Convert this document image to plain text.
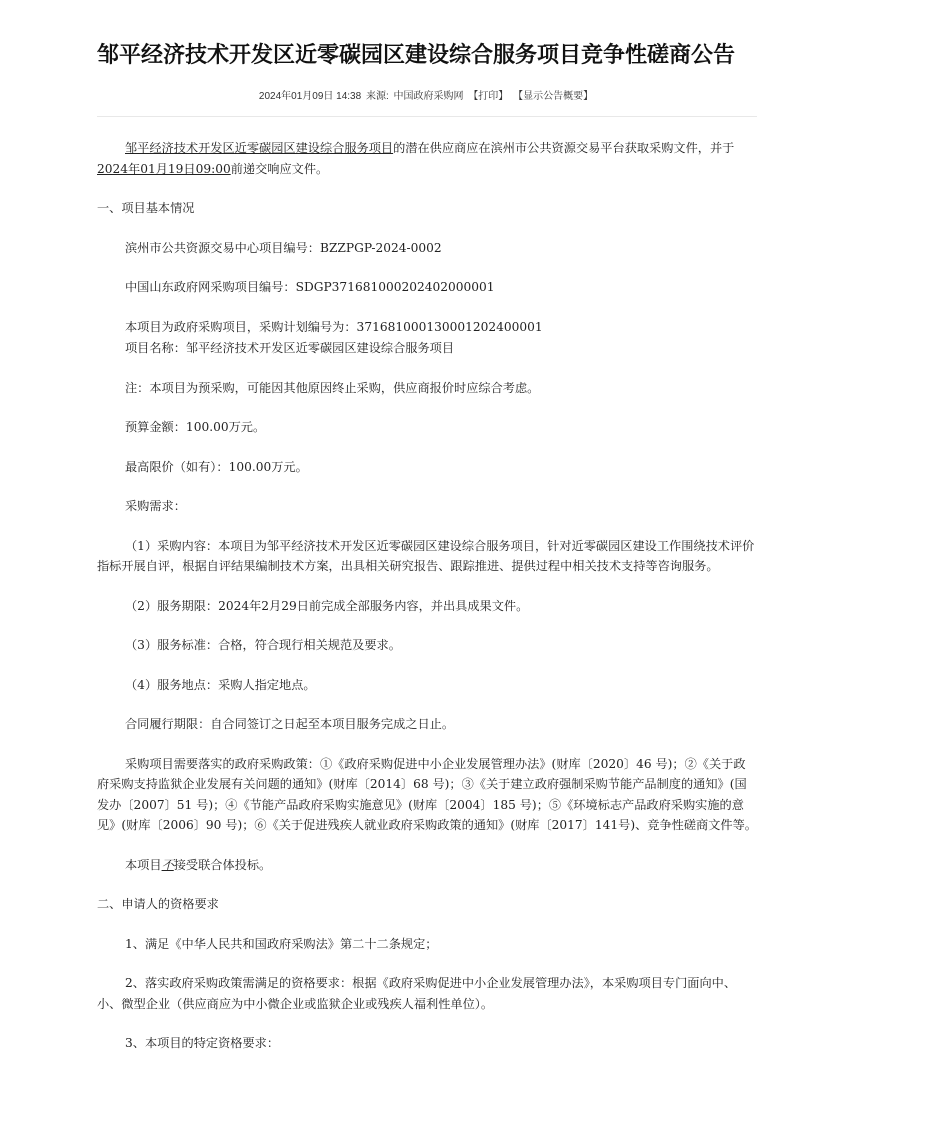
邹平经济技术开发区近零碳园区建设综合服务项目竞争性磋商公告
2024年01月09日 14:38 来源: 中国政府采购网 【打印】 【显示公告概要】

邹平经济技术开发区近零碳园区建设综合服务项目的潜在供应商应在滨州市公共资源交易平台获取采购文件，并于2024年01月19日09:00前递交响应文件。

一、项目基本情况

滨州市公共资源交易中心项目编号：BZZPGP-2024-0002

中国山东政府网采购项目编号：SDGP371681000202402000001

本项目为政府采购项目，采购计划编号为：371681000130001202400001

项目名称：邹平经济技术开发区近零碳园区建设综合服务项目

注：本项目为预采购，可能因其他原因终止采购，供应商报价时应综合考虑。

预算金额：100.00万元。

最高限价（如有）：100.00万元。

采购需求：

（1）采购内容：本项目为邹平经济技术开发区近零碳园区建设综合服务项目，针对近零碳园区建设工作围绕技术评价指标开展自评，根据自评结果编制技术方案，出具相关研究报告、跟踪推进、提供过程中相关技术支持等咨询服务。

（2）服务期限：2024年2月29日前完成全部服务内容，并出具成果文件。

（3）服务标准：合格，符合现行相关规范及要求。

（4）服务地点：采购人指定地点。

合同履行期限：自合同签订之日起至本项目服务完成之日止。

采购项目需要落实的政府采购政策：①《政府采购促进中小企业发展管理办法》(财库〔2020〕46 号)；②《关于政府采购支持监狱企业发展有关问题的通知》(财库〔2014〕68 号)；③《关于建立政府强制采购节能产品制度的通知》(国发办〔2007〕51 号)；④《节能产品政府采购实施意见》(财库〔2004〕185 号)；⑤《环境标志产品政府采购实施的意见》(财库〔2006〕90 号)；⑥《关于促进残疾人就业政府采购政策的通知》(财库〔2017〕141号)、竞争性磋商文件等。

本项目不接受联合体投标。

二、申请人的资格要求

1、满足《中华人民共和国政府采购法》第二十二条规定；

2、落实政府采购政策需满足的资格要求：根据《政府采购促进中小企业发展管理办法》，本采购项目专门面向中、小、微型企业（供应商应为中小微企业或监狱企业或残疾人福利性单位）。

3、本项目的特定资格要求：
